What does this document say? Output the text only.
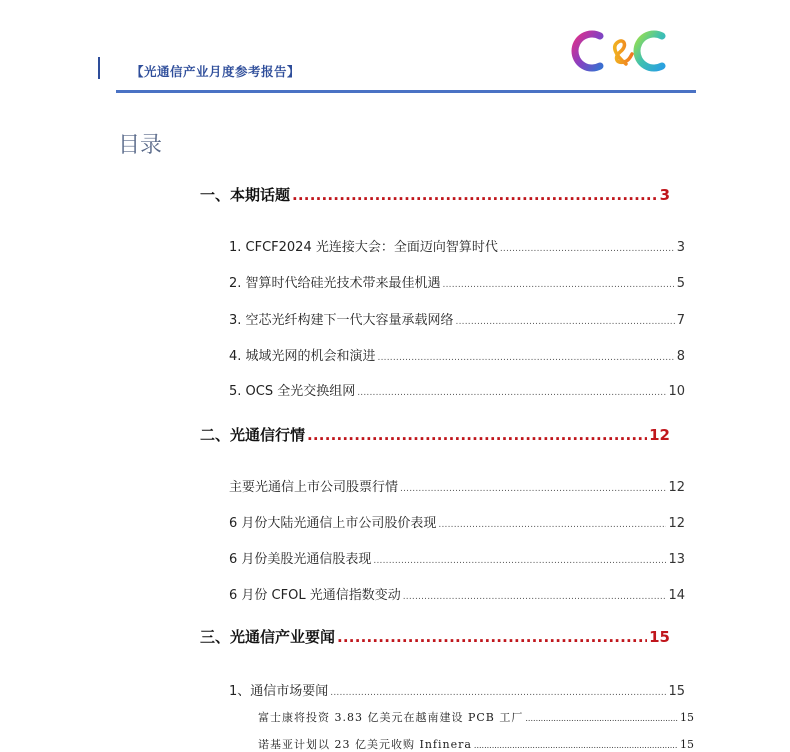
【光通信产业月度参考报告】
目录
一、本期话题 .....	3
1. CFCF2024 光连接大会：全面迈向智算时代 .....	3
2. 智算时代给硅光技术带来最佳机遇 .....	5
3. 空芯光纤构建下一代大容量承载网络 .....	7
4. 城域光网的机会和演进 .....	8
5. OCS 全光交换组网 .....	10
二、光通信行情 .....	12
主要光通信上市公司股票行情 .....	12
6 月份大陆光通信上市公司股价表现 .....	12
6 月份美股光通信股表现 .....	13
6 月份 CFOL 光通信指数变动 .....	14
三、光通信产业要闻 .....	15
1、通信市场要闻 .....	15
富士康将投资 3.83 亿美元在越南建设 PCB 工厂 .....	15
诺基亚计划以 23 亿美元收购 Infinera .....	15
